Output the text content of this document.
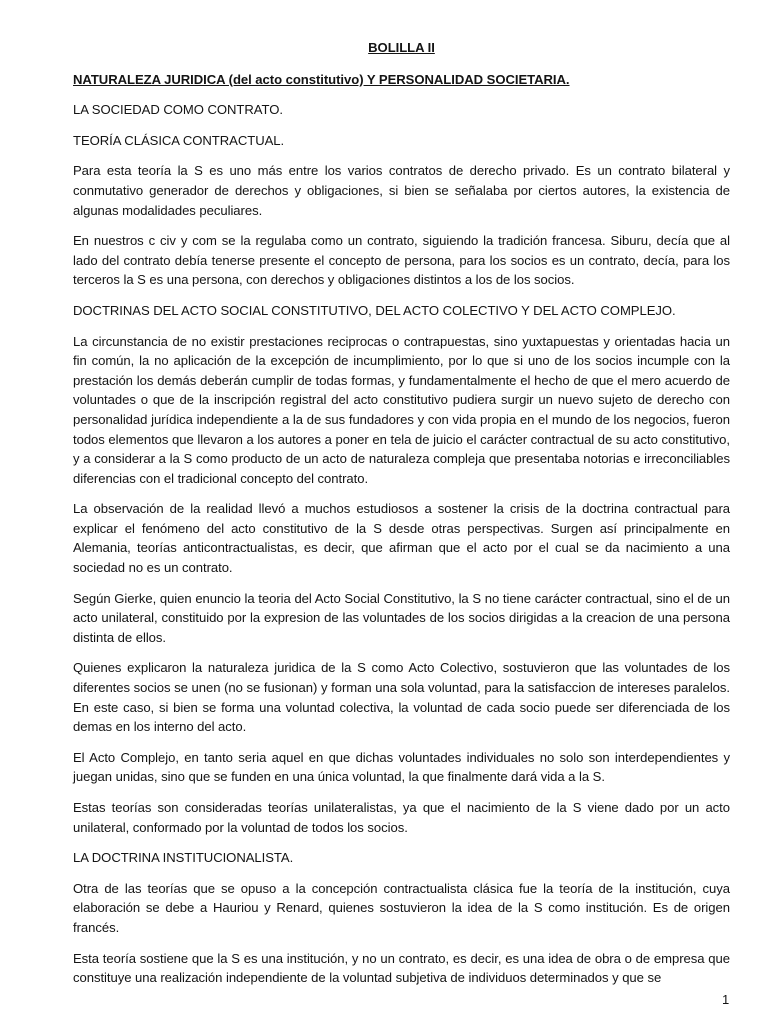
BOLILLA II

NATURALEZA JURIDICA (del acto constitutivo) Y PERSONALIDAD SOCIETARIA.

LA SOCIEDAD COMO CONTRATO.

TEORÍA CLÁSICA CONTRACTUAL.

Para esta teoría la S es uno más entre los varios contratos de derecho privado. Es un contrato bilateral y conmutativo generador de derechos y obligaciones, si bien se señalaba por ciertos autores, la existencia de algunas modalidades peculiares.

En nuestros c civ y com se la regulaba como un contrato, siguiendo la tradición francesa. Siburu, decía que al lado del contrato debía tenerse presente el concepto de persona, para los socios es un contrato, decía, para los terceros la S es una persona, con derechos y obligaciones distintos a los de los socios.

DOCTRINAS DEL ACTO SOCIAL CONSTITUTIVO, DEL ACTO COLECTIVO Y DEL ACTO COMPLEJO.

La circunstancia de no existir prestaciones reciprocas o contrapuestas, sino yuxtapuestas y orientadas hacia un fin común, la no aplicación de la excepción de incumplimiento, por lo que si uno de los socios incumple con la prestación los demás deberán cumplir de todas formas, y fundamentalmente el hecho de que el mero acuerdo de voluntades o que de la inscripción registral del acto constitutivo pudiera surgir un nuevo sujeto de derecho con personalidad jurídica independiente a la de sus fundadores y con vida propia en el mundo de los negocios, fueron todos elementos que llevaron a los autores a poner en tela de juicio el carácter contractual de su acto constitutivo, y a considerar a la S como producto de un acto de naturaleza compleja que presentaba notorias e irreconciliables diferencias con el tradicional concepto del contrato.

La observación de la realidad llevó a muchos estudiosos a sostener la crisis de la doctrina contractual para explicar el fenómeno del acto constitutivo de la S desde otras perspectivas. Surgen así principalmente en Alemania, teorías anticontractualistas, es decir, que afirman que el acto por el cual se da nacimiento a una sociedad no es un contrato.

Según Gierke, quien enuncio la teoria del Acto Social Constitutivo, la S no tiene carácter contractual, sino el de un acto unilateral, constituido por la expresion de las voluntades de los socios dirigidas a la creacion de una persona distinta de ellos.

Quienes explicaron la naturaleza juridica de la S como Acto Colectivo, sostuvieron que las voluntades de los diferentes socios se unen (no se fusionan) y forman una sola voluntad, para la satisfaccion de intereses paralelos. En este caso, si bien se forma una voluntad colectiva, la voluntad de cada socio puede ser diferenciada de los demas en los interno del acto.

El Acto Complejo, en tanto seria aquel en que dichas voluntades individuales no solo son interdependientes y juegan unidas, sino que se funden en una única voluntad, la que finalmente dará vida a la S.

Estas teorías son consideradas teorías unilateralistas, ya que el nacimiento de la S viene dado por un acto unilateral, conformado por la voluntad de todos los socios.

LA DOCTRINA INSTITUCIONALISTA.

Otra de las teorías que se opuso a la concepción contractualista clásica fue la teoría de la institución, cuya elaboración se debe a Hauriou y Renard, quienes sostuvieron la idea de la S como institución. Es de origen francés.

Esta teoría sostiene que la S es una institución, y no un contrato, es decir, es una idea de obra o de empresa que constituye una realización independiente de la voluntad subjetiva de individuos determinados y que se

1
